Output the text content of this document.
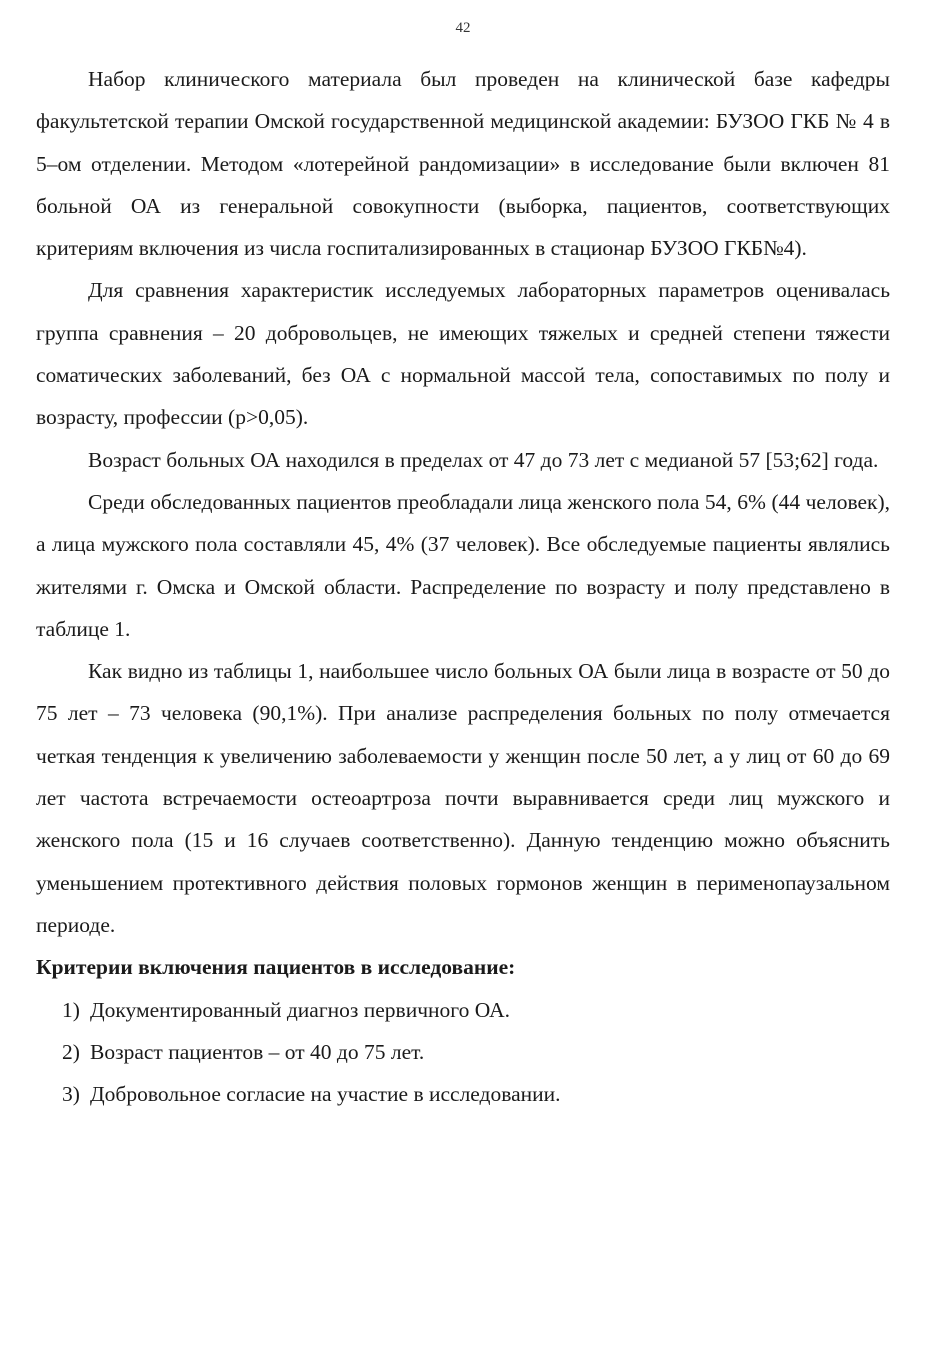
42

Набор клинического материала был проведен на клинической базе кафедры факультетской терапии Омской государственной медицинской академии: БУЗОО ГКБ № 4 в 5–ом отделении. Методом «лотерейной рандомизации» в исследование были включен 81 больной ОА из генеральной совокупности (выборка, пациентов, соответствующих критериям включения из числа госпитализированных в стационар БУЗОО ГКБ№4).

Для сравнения характеристик исследуемых лабораторных параметров оценивалась группа сравнения – 20 добровольцев, не имеющих тяжелых и средней степени тяжести соматических заболеваний, без ОА с нормальной массой тела, сопоставимых по полу и возрасту, профессии (p>0,05).

Возраст больных ОА находился в пределах от 47 до 73 лет с медианой 57 [53;62] года.

Среди обследованных пациентов преобладали лица женского пола 54, 6% (44 человек), а лица мужского пола составляли 45, 4% (37 человек). Все обследуемые пациенты являлись жителями г. Омска и Омской области. Распределение по возрасту и полу представлено в таблице 1.

Как видно из таблицы 1, наибольшее число больных ОА были лица в возрасте от 50 до 75 лет – 73 человека (90,1%). При анализе распределения больных по полу отмечается четкая тенденция к увеличению заболеваемости у женщин после 50 лет, а у лиц от 60 до 69 лет частота встречаемости остеоартроза почти выравнивается среди лиц мужского и женского пола (15 и 16 случаев соответственно). Данную тенденцию можно объяснить уменьшением протективного действия половых гормонов женщин в перименопаузальном периоде.

Критерии включения пациентов в исследование:

1) Документированный диагноз первичного ОА.
2) Возраст пациентов – от 40 до 75 лет.
3) Добровольное согласие на участие в исследовании.
